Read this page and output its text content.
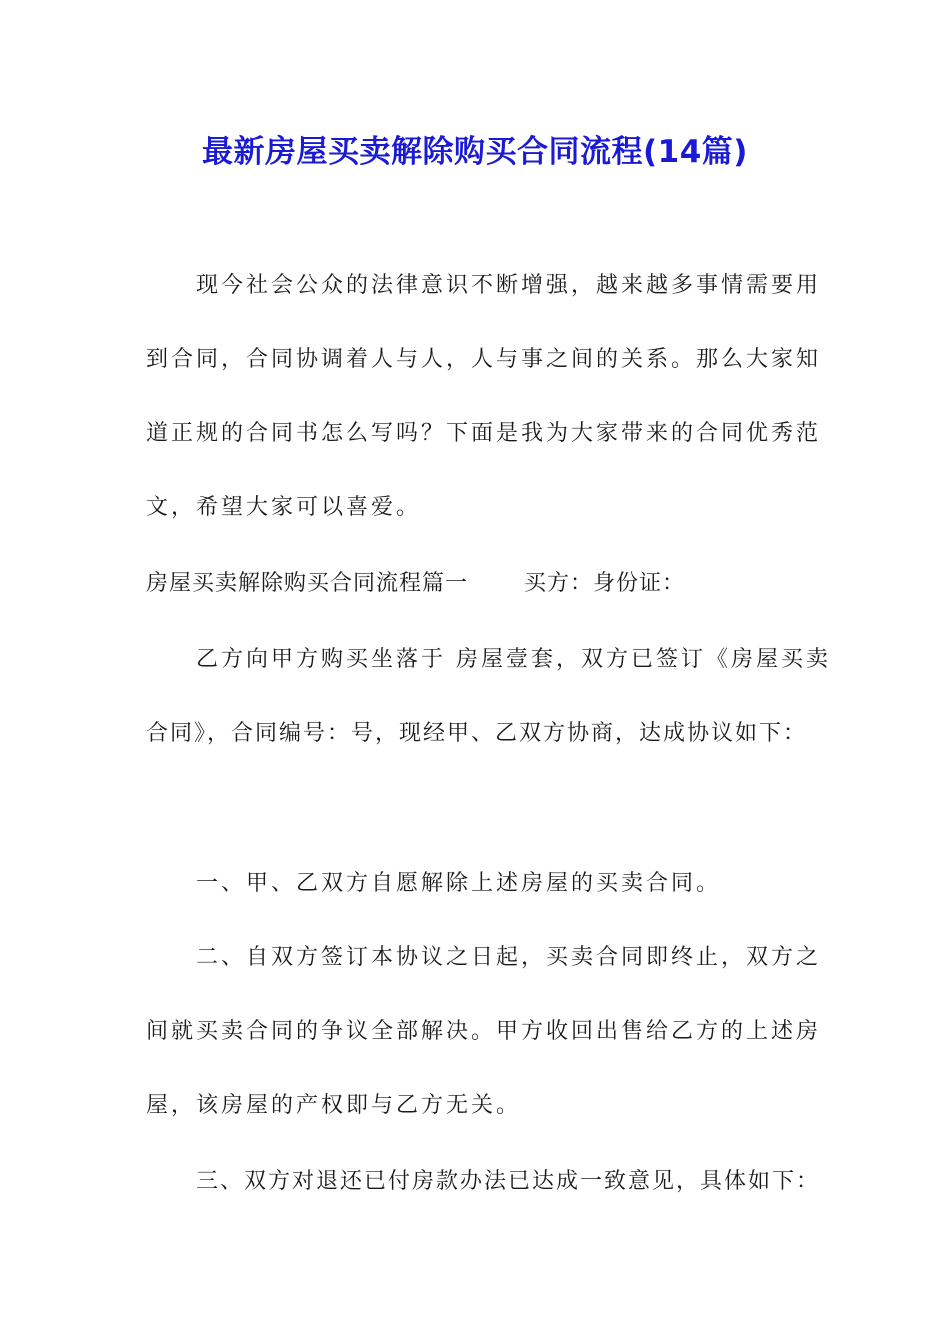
最新房屋买卖解除购买合同流程(14篇)
现今社会公众的法律意识不断增强，越来越多事情需要用
到合同，合同协调着人与人，人与事之间的关系。那么大家知
道正规的合同书怎么写吗？下面是我为大家带来的合同优秀范
文，希望大家可以喜爱。
房屋买卖解除购买合同流程篇一	买方：身份证：
乙方向甲方购买坐落于 房屋壹套，双方已签订《房屋买卖
合同》，合同编号：号，现经甲、乙双方协商，达成协议如下：
一、甲、乙双方自愿解除上述房屋的买卖合同。
二、自双方签订本协议之日起，买卖合同即终止，双方之
间就买卖合同的争议全部解决。甲方收回出售给乙方的上述房
屋，该房屋的产权即与乙方无关。
三、双方对退还已付房款办法已达成一致意见，具体如下：
